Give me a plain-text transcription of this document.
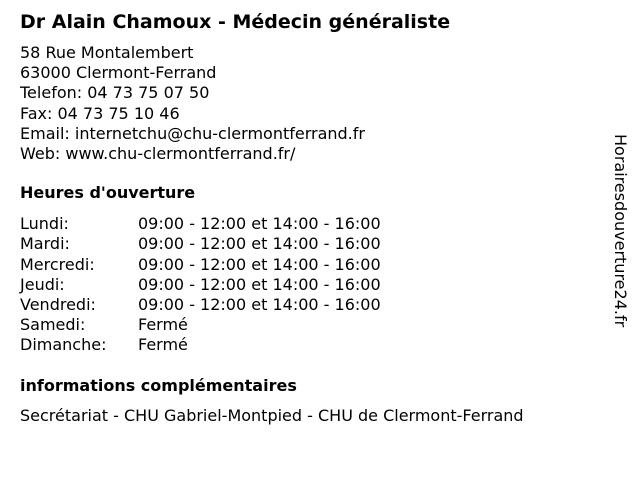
Dr Alain Chamoux - Médecin généraliste
58 Rue Montalembert
63000 Clermont-Ferrand
Telefon: 04 73 75 07 50
Fax: 04 73 75 10 46
Email: internetchu@chu-clermontferrand.fr
Web: www.chu-clermontferrand.fr/
Heures d'ouverture
Lundi:	09:00 - 12:00 et 14:00 - 16:00
Mardi:	09:00 - 12:00 et 14:00 - 16:00
Mercredi:	09:00 - 12:00 et 14:00 - 16:00
Jeudi:	09:00 - 12:00 et 14:00 - 16:00
Vendredi:	09:00 - 12:00 et 14:00 - 16:00
Samedi:	Fermé
Dimanche:	Fermé
informations complémentaires
Secrétariat - CHU Gabriel-Montpied - CHU de Clermont-Ferrand
Horairesdouverture24.fr
